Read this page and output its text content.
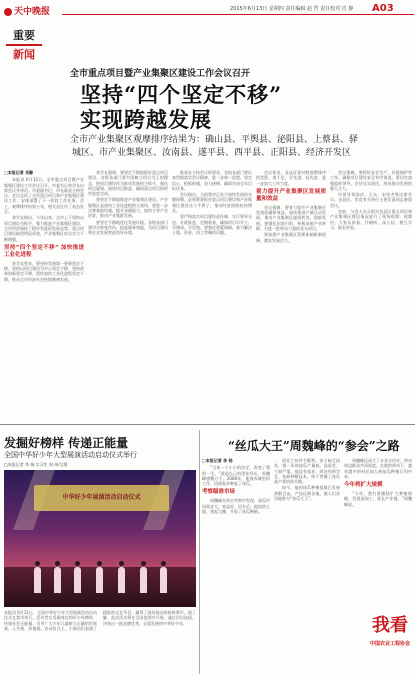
天中晚报	2015年6月13日 星期四 责任编辑 赵 哲 责任校对 肖 静 A03
重要
新闻
全市重点项目暨产业集聚区建设工作会议召开
坚持“四个坚定不移”
实现跨越发展
全市产业集聚区观摩排序结果为：确山县、平舆县、泌阳县、上蔡县、驿
城区、市产业集聚区、汝南县、遂平县、西平县、正阳县、经济开发区
□本报记者 肖静

本报讯 6月12日，全市重点项目暨产业集聚区建设工作会议召开。市委书记余学友出席会议并讲话。市委副书记、市长陈星主持会议。会议总结了全市重点项目和产业集聚区建设工作，安排部署了下一阶段工作任务。会上，观摩排序结果公布，相关县区作了表态发言。

余学友指出，今年以来，全市上下坚持以项目建设为抓手，强力推进产业集聚区建设，全市经济保持了稳中有进的发展态势，重点项目建设取得明显成效，产业集聚区综合实力不断增强。

坚持“四个坚定不移” 加快推进工业化进程

余学友要求，要坚持发展第一要务坚定不移，坚持以项目建设为中心坚定不移，坚持改革创新坚定不移，坚持加快工业化进程坚定不移，推动全市经济社会持续健康发展。

余学友强调，要坚定不移地抓好重点项目建设。各级各部门要牢固树立项目为王的理念，把项目建设作为推动发展的主抓手，强化项目谋划，加快项目推进，确保重点项目按时序进度完成。

要坚定不移地推进产业集聚区建设。产业集聚区是加快工业化进程的主战场，要进一步完善基础设施，提升承载能力，加快主导产业培育，推动产业集群发展。

要坚定不移地优化发展环境。各级各部门要切实转变作风，提高服务效能，为项目建设和企业发展营造良好环境。

陈星在主持会议时要求，各级各部门要认真贯彻落实会议精神，进一步统一思想，坚定信心，抢抓机遇，奋力拼搏，确保完成全年目标任务。

会议指出，当前我市正处于加快发展的关键时期，必须紧紧抓住重点项目建设和产业集聚区建设这个牛鼻子，推动经济持续较快增长。

要严格落实项目建设责任制，实行领导分包、专班推进、定期督查，确保项目早开工、早建成、早见效。要强化要素保障，着力解决土地、资金、用工等制约问题。

会议要求，各县区要对照观摩排序找差距，查不足，学先进，赶先进，进一步加大工作力度。

着力提升产业集聚区发展质量和效益

会议强调，要着力提升产业集聚区发展质量和效益，加快推进产城互动发展，推动产业集聚区提质转型、创新发展。要强化招商引资，积极承接产业转移，引进一批带动力强的龙头项目。

要加强产业集聚区管理体制机制创新，激发发展活力。

会议强调，要抓好安全生产、环境保护等工作，确保项目建设安全有序推进。要切实加强组织领导，层层压实责任，形成推动发展的强大合力。

市领导刘国庆、王东、宋培杰等出席会议。各县区、市直有关单位主要负责同志参加会议。

会前，与会人员分组对各县区重点项目和产业集聚区建设情况进行了现场观摩。观摩中，大家认真看、仔细听、深入问，相互学习，取长补短。

发掘好榜样 传递正能量
全国中华好少年大型展演活动启动仪式举行
□本报记者 李 扬 实习生 周 伟/文图
中华好少年展演活动启动仪式
本报讯 6月11日，全国中华好少年大型展演活动启动仪式在我市举行。活动旨在发掘身边的好少年榜样，传递社会正能量，引导广大少年儿童树立正确的世界观、人生观、价值观。启动仪式上，小演员们表演了精彩的文艺节目，赢得了现场观众的阵阵掌声。据了解，此次活动将在全国范围内开展，通过层层选拔，评选出一批品德优秀、全面发展的中华好少年。
“丝瓜大王”周魏峰的“参会”之路
□本报记者 李 杨

“当初一个小小的决定，改变了我的一生。”说起自己的创业经历，周魏峰感慨万千。2008年，他放弃城里的工作，回到家乡种起了丝瓜。

考察瞄准市场

周魏峰在外出考察中发现，丝瓜市场需求大，效益好。回乡后，他流转土地，建起大棚，开始了丝瓜种植。

创业之初并不顺利。由于缺乏技术，第一年的丝瓜产量低、品质差，亏损严重。他没有放弃，四处拜师学艺，钻研种植技术，终于掌握了丝瓜高产栽培的关键。

如今，他的丝瓜种植基地已发展到数百亩，产品远销各地，被人们亲切地称为“丝瓜大王”。

周魏峰还成立了专业合作社，带动周边群众共同致富。在他的带动下，越来越多的村民加入到丝瓜种植行列中来。

今年将扩大规模

“今年，我打算继续扩大种植规模，发展深加工，延长产业链。”周魏峰说。

我看
中国农业工程协会
